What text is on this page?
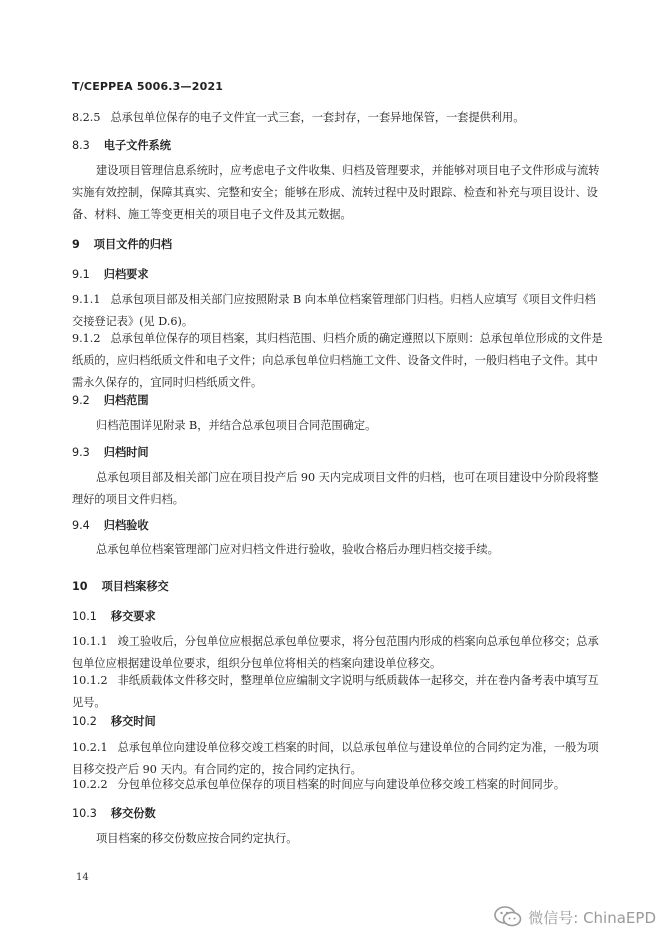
T/CEPPEA 5006.3—2021
8.2.5 总承包单位保存的电子文件宜一式三套，一套封存，一套异地保管，一套提供利用。
8.3 电子文件系统
建设项目管理信息系统时，应考虑电子文件收集、归档及管理要求，并能够对项目电子文件形成与流转实施有效控制，保障其真实、完整和安全；能够在形成、流转过程中及时跟踪、检查和补充与项目设计、设备、材料、施工等变更相关的项目电子文件及其元数据。
9 项目文件的归档
9.1 归档要求
9.1.1 总承包项目部及相关部门应按照附录 B 向本单位档案管理部门归档。归档人应填写《项目文件归档交接登记表》(见 D.6)。
9.1.2 总承包单位保存的项目档案，其归档范围、归档介质的确定遵照以下原则：总承包单位形成的文件是纸质的，应归档纸质文件和电子文件；向总承包单位归档施工文件、设备文件时，一般归档电子文件。其中需永久保存的，宜同时归档纸质文件。
9.2 归档范围
归档范围详见附录 B，并结合总承包项目合同范围确定。
9.3 归档时间
总承包项目部及相关部门应在项目投产后 90 天内完成项目文件的归档，也可在项目建设中分阶段将整理好的项目文件归档。
9.4 归档验收
总承包单位档案管理部门应对归档文件进行验收，验收合格后办理归档交接手续。
10 项目档案移交
10.1 移交要求
10.1.1 竣工验收后，分包单位应根据总承包单位要求，将分包范围内形成的档案向总承包单位移交；总承包单位应根据建设单位要求，组织分包单位将相关的档案向建设单位移交。
10.1.2 非纸质载体文件移交时，整理单位应编制文字说明与纸质载体一起移交，并在卷内备考表中填写互见号。
10.2 移交时间
10.2.1 总承包单位向建设单位移交竣工档案的时间，以总承包单位与建设单位的合同约定为准，一般为项目移交投产后 90 天内。有合同约定的，按合同约定执行。
10.2.2 分包单位移交总承包单位保存的项目档案的时间应与向建设单位移交竣工档案的时间同步。
10.3 移交份数
项目档案的移交份数应按合同约定执行。
14
微信号: ChinaEPD
